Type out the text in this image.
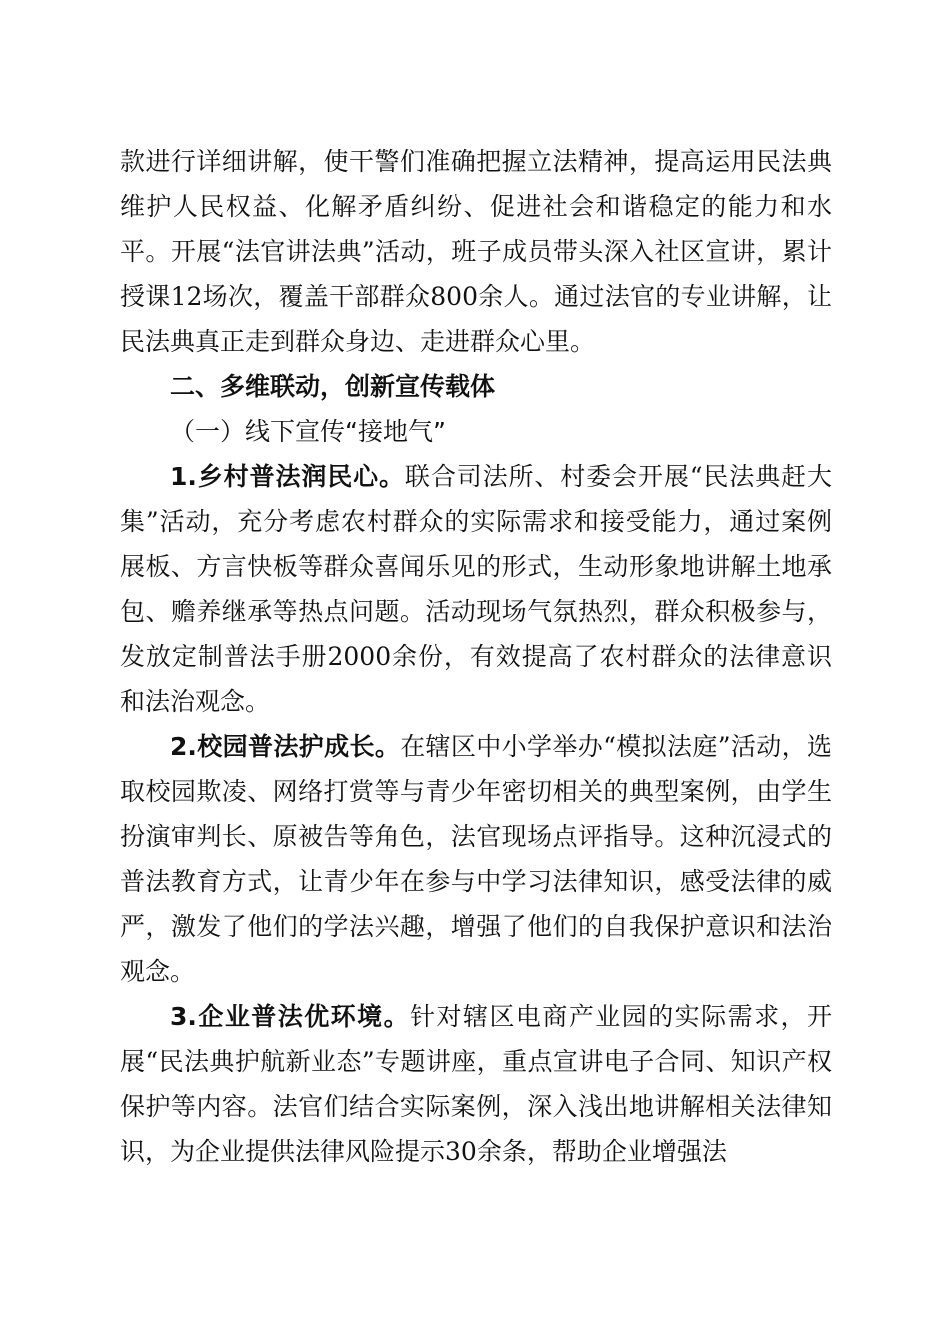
款进行详细讲解，使干警们准确把握立法精神，提高运用民法典维护人民权益、化解矛盾纠纷、促进社会和谐稳定的能力和水平。开展“法官讲法典”活动，班子成员带头深入社区宣讲，累计授课12场次，覆盖干部群众800余人。通过法官的专业讲解，让民法典真正走到群众身边、走进群众心里。

二、多维联动，创新宣传载体

（一）线下宣传“接地气”

1.乡村普法润民心。联合司法所、村委会开展“民法典赶大集”活动，充分考虑农村群众的实际需求和接受能力，通过案例展板、方言快板等群众喜闻乐见的形式，生动形象地讲解土地承包、赡养继承等热点问题。活动现场气氛热烈，群众积极参与，发放定制普法手册2000余份，有效提高了农村群众的法律意识和法治观念。

2.校园普法护成长。在辖区中小学举办“模拟法庭”活动，选取校园欺凌、网络打赏等与青少年密切相关的典型案例，由学生扮演审判长、原被告等角色，法官现场点评指导。这种沉浸式的普法教育方式，让青少年在参与中学习法律知识，感受法律的威严，激发了他们的学法兴趣，增强了他们的自我保护意识和法治观念。

3.企业普法优环境。针对辖区电商产业园的实际需求，开展“民法典护航新业态”专题讲座，重点宣讲电子合同、知识产权保护等内容。法官们结合实际案例，深入浅出地讲解相关法律知识，为企业提供法律风险提示30余条，帮助企业增强法
